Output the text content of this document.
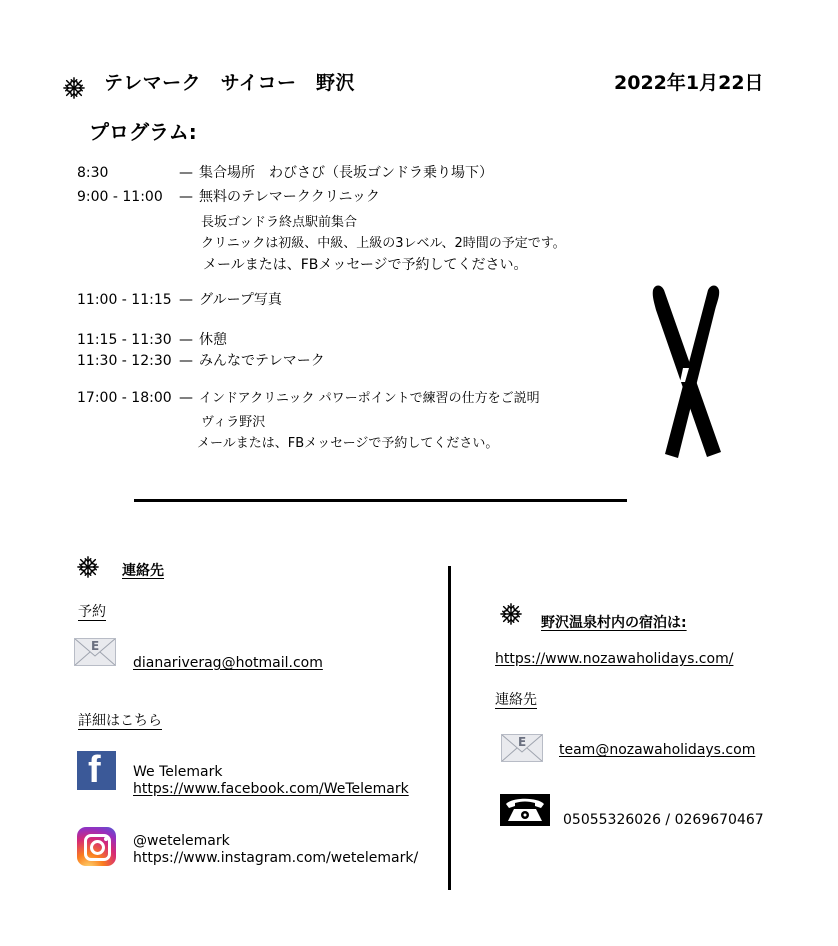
テレマーク　サイコー　野沢	2022年1月22日
プログラム:
8:30	— 集合場所　わびさび（長坂ゴンドラ乗り場下）
9:00 - 11:00 — 無料のテレマーククリニック
長坂ゴンドラ終点駅前集合
クリニックは初級、中級、上級の3レベル、2時間の予定です。
メールまたは、FBメッセージで予約してください。
11:00 - 11:15 — グループ写真
11:15 - 11:30 — 休憩
11:30 - 12:30 — みんなでテレマーク
17:00 - 18:00 — インドアクリニック パワーポイントで練習の仕方をご説明
ヴィラ野沢
メールまたは、FBメッセージで予約してください。
連絡先
予約
E
dianariverag@hotmail.com
詳細はこちら
f We Telemark
https://www.facebook.com/WeTelemark
@wetelemark
https://www.instagram.com/wetelemark/
野沢温泉村内の宿泊は:
https://www.nozawaholidays.com/
連絡先
E team@nozawaholidays.com
05055326026 / 0269670467
